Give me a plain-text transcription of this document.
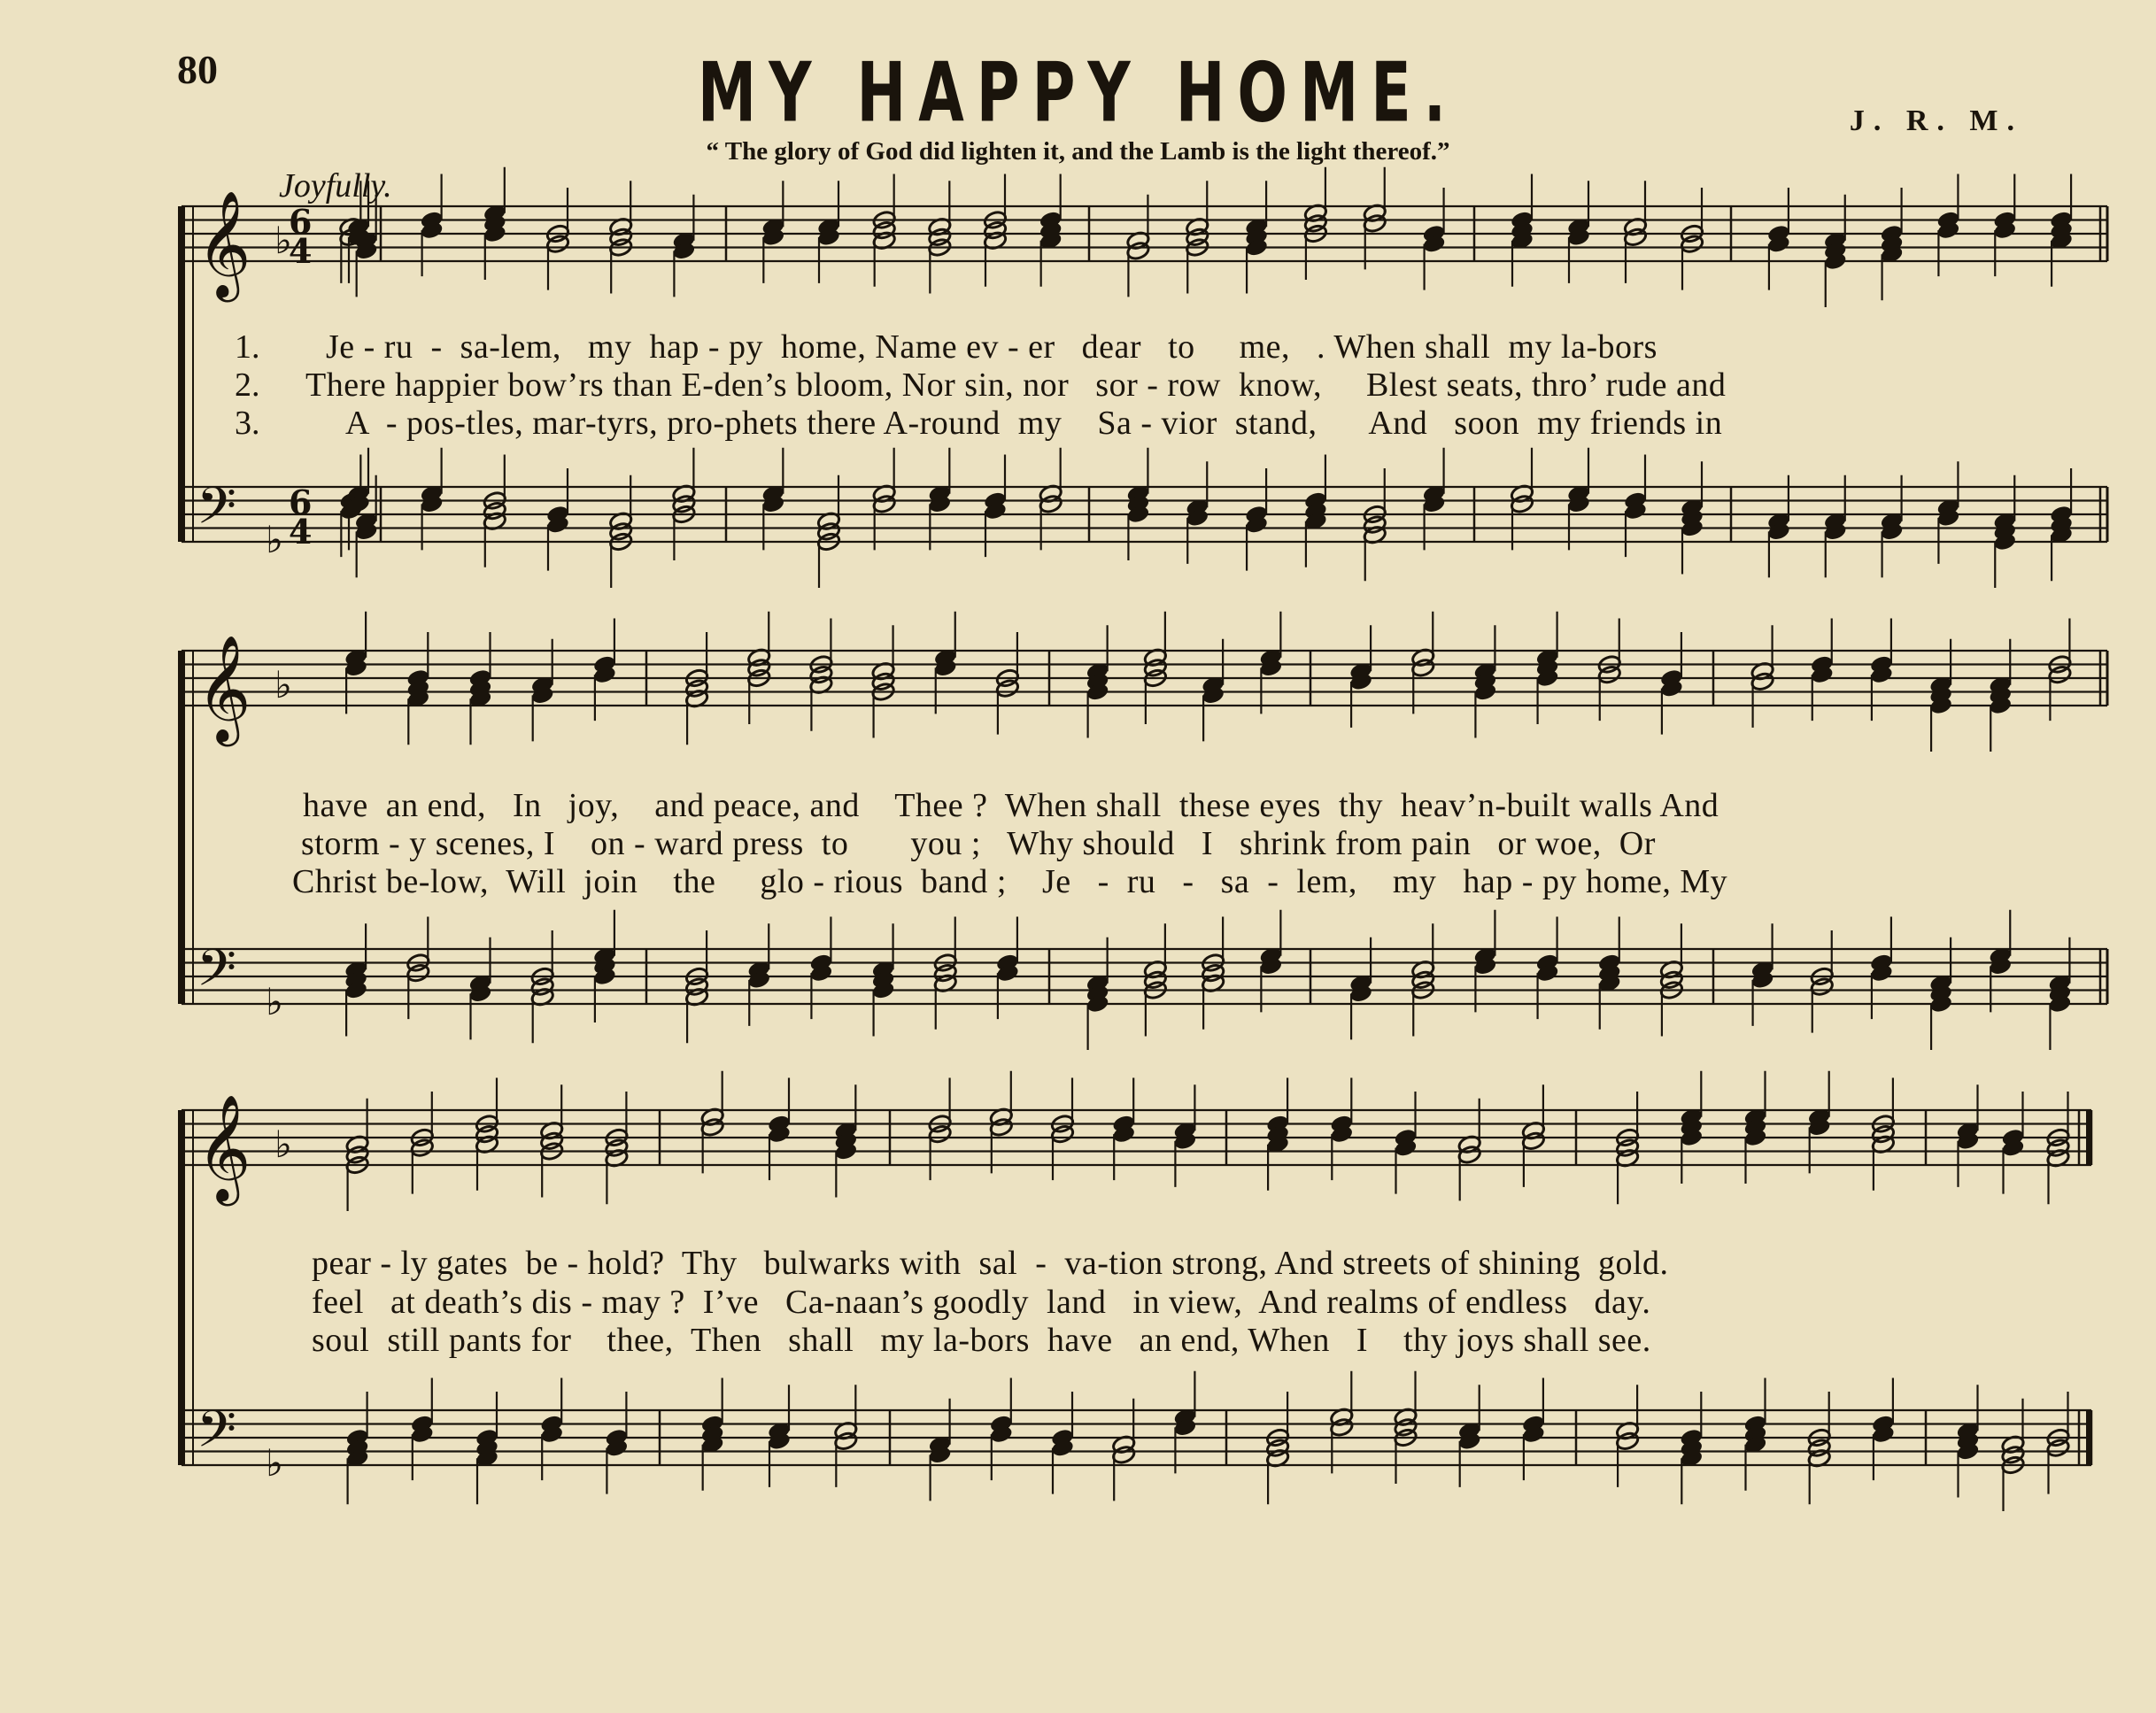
80	MY HAPPY HOME.	J. R. M.
“ The glory of God did lighten it, and the Lamb is the light thereof.”
Joyfully.
𝄞 ♭
6
4
𝄢 ♭
6
4
𝄞 ♭
𝄢 ♭
𝄞 ♭
𝄢 ♭
1.
2.
3.
Je - ru  -  sa-lem,   my  hap - py  home, Name ev - er   dear   to     me,   . When shall  my la-bors
There happier bow’rs than E-den’s bloom, Nor sin, nor   sor - row  know,     Blest seats, thro’ rude and
A  - pos-tles, mar-tyrs, pro-phets there A-round  my    Sa - vior  stand,      And   soon  my friends in
have  an end,   In   joy,    and peace, and    Thee ?  When shall  these eyes  thy  heav’n-built walls And
storm - y scenes, I    on - ward press  to       you ;   Why should   I   shrink from pain   or woe,  Or
Christ be-low,  Will  join    the     glo - rious  band ;    Je   -  ru   -   sa  -  lem,    my   hap - py home, My
pear - ly gates  be - hold?  Thy   bulwarks with  sal  -  va-tion strong, And streets of shining  gold.
feel   at death’s dis - may ?  I’ve   Ca-naan’s goodly  land   in view,  And realms of endless   day.
soul  still pants for    thee,  Then   shall   my la-bors  have   an end, When   I    thy joys shall see.
